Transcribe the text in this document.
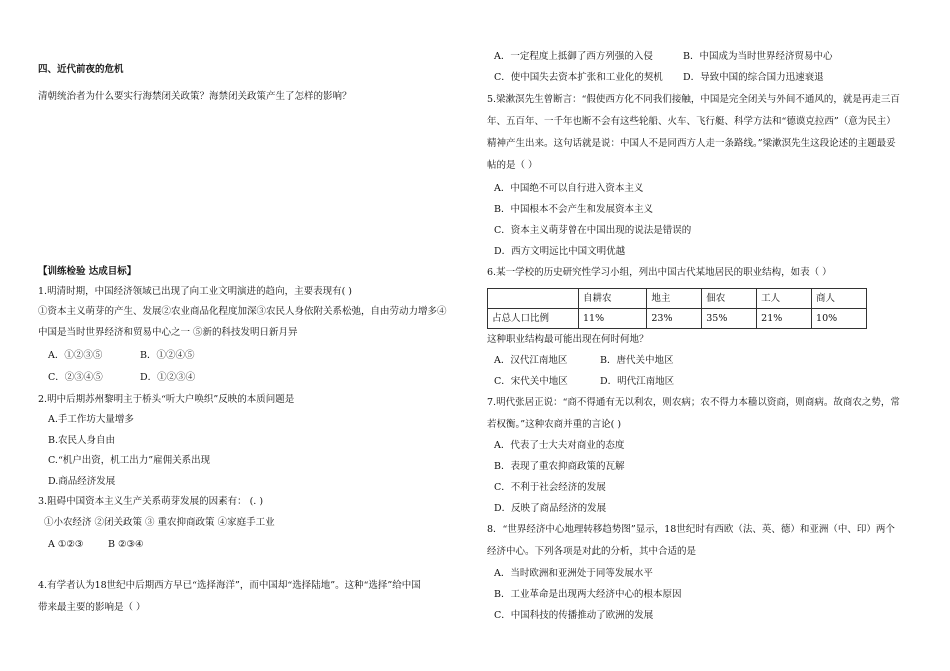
四、近代前夜的危机
清朝统治者为什么要实行海禁闭关政策？海禁闭关政策产生了怎样的影响？
【训练检验 达成目标】
1.明清时期，中国经济领域已出现了向工业文明演进的趋向，主要表现有( )
①资本主义萌芽的产生、发展②农业商品化程度加深③农民人身依附关系松弛，自由劳动力增多④
中国是当时世界经济和贸易中心之一 ⑤新的科技发明日新月异
A．①②③⑤	B．①②④⑤
C．②③④⑤	D．①②③④
2.明中后期苏州黎明主于桥头“听大户唤织”反映的本质问题是
A.手工作坊大量增多
B.农民人身自由
C.“机户出资，机工出力”雇佣关系出现
D.商品经济发展
3.阻碍中国资本主义生产关系萌芽发展的因素有： (. )
①小农经济 ②闭关政策 ③ 重农抑商政策 ④家庭手工业
A ①②③	B ②③④
4.有学者认为18世纪中后期西方早已“选择海洋”，而中国却“选择陆地”。这种“选择”给中国
带来最主要的影响是（ ）
A．一定程度上抵御了西方列强的入侵	B．中国成为当时世界经济贸易中心
C．使中国失去资本扩张和工业化的契机 D．导致中国的综合国力迅速衰退
5.梁漱溟先生曾断言：“假使西方化不同我们接触，中国是完全闭关与外间不通风的，就是再走三百
年、五百年、一千年也断不会有这些轮船、火车、飞行艇、科学方法和“德谟克拉西”（意为民主）
精神产生出来。这句话就是说：中国人不是同西方人走一条路线。”梁漱溟先生这段论述的主题最妥
帖的是（ ）
A．中国绝不可以自行进入资本主义
B．中国根本不会产生和发展资本主义
C．资本主义萌芽曾在中国出现的说法是错误的
D．西方文明远比中国文明优越
6.某一学校的历史研究性学习小组，列出中国古代某地居民的职业结构，如表（ ）
	自耕农	地主	佃农	工人	商人
占总人口比例	11%	23%	35%	21%	10%
这种职业结构最可能出现在何时何地？
A．汉代江南地区	B．唐代关中地区
C．宋代关中地区	D．明代江南地区
7.明代张居正说：“商不得通有无以利农，则农病；农不得力本穑以资商，则商病。故商农之势，常
若权衡。”这种农商并重的言论( )
A．代表了士大夫对商业的态度
B．表现了重农抑商政策的瓦解
C．不利于社会经济的发展
D．反映了商品经济的发展
8．“世界经济中心地理转移趋势图”显示，18世纪时有西欧（法、英、德）和亚洲（中、印）两个
经济中心。下列各项是对此的分析，其中合适的是
A．当时欧洲和亚洲处于同等发展水平
B．工业革命是出现两大经济中心的根本原因
C．中国科技的传播推动了欧洲的发展
